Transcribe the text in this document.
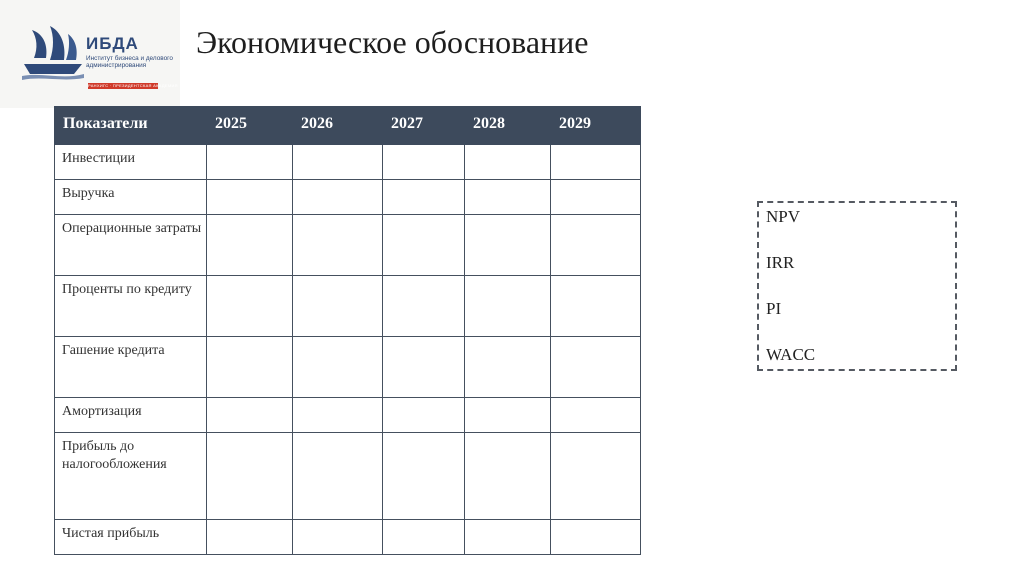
ИБДА
Институт бизнеса и делового администрирования
РАНХИГС · ПРЕЗИДЕНТСКАЯ АКАДЕМИЯ
Экономическое обоснование
Показатели	2025	2026	2027	2028	2029
Инвестиции					
Выручка					
Операционные затраты					
Проценты по кредиту					
Гашение кредита					
Амортизация					
Прибыль до налогообложения					
Чистая прибыль					
NPV
IRR
PI
WACC
